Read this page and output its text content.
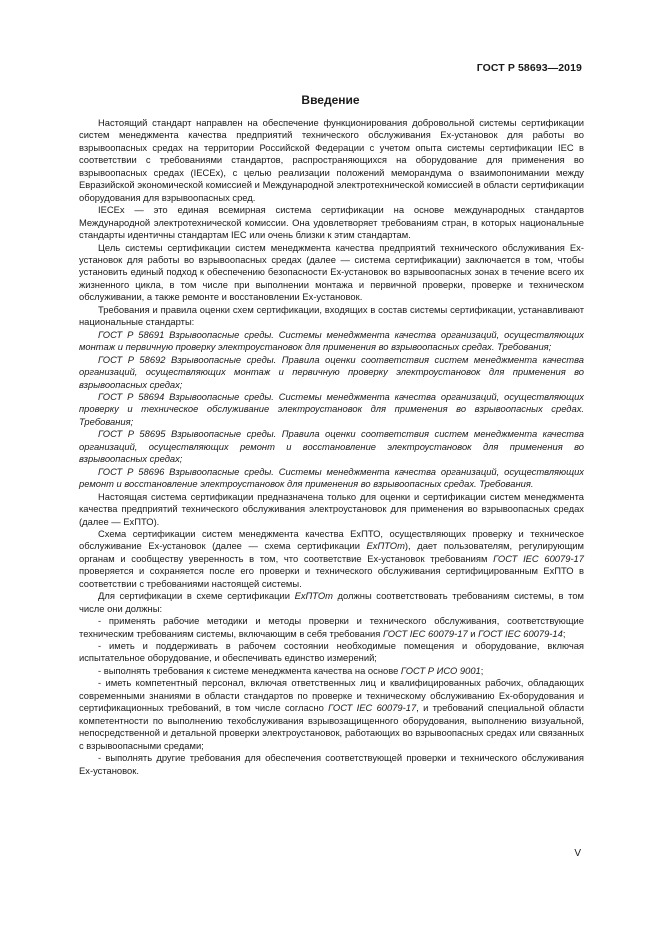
ГОСТ Р 58693—2019
Введение

Настоящий стандарт направлен на обеспечение функционирования добровольной системы сертификации систем менеджмента качества предприятий технического обслуживания Ех-установок для работы во взрывоопасных средах на территории Российской Федерации с учетом опыта системы сертификации IEC в соответствии с требованиями стандартов, распространяющихся на оборудование для применения во взрывоопасных средах (IECEx), с целью реализации положений меморандума о взаимопонимании между Евразийской экономической комиссией и Международной электротехнической комиссией в области сертификации оборудования для взрывоопасных сред.

IECEx — это единая всемирная система сертификации на основе международных стандартов Международной электротехнической комиссии. Она удовлетворяет требованиям стран, в которых национальные стандарты идентичны стандартам IEC или очень близки к этим стандартам.

Цель системы сертификации систем менеджмента качества предприятий технического обслуживания Ех-установок для работы во взрывоопасных средах (далее — система сертификации) заключается в том, чтобы установить единый подход к обеспечению безопасности Ех-установок во взрывоопасных зонах в течение всего их жизненного цикла, в том числе при выполнении монтажа и первичной проверки, проверке и техническом обслуживании, а также ремонте и восстановлении Ех-установок.

Требования и правила оценки схем сертификации, входящих в состав системы сертификации, устанавливают национальные стандарты:

ГОСТ Р 58691 Взрывоопасные среды. Системы менеджмента качества организаций, осуществляющих монтаж и первичную проверку электроустановок для применения во взрывоопасных средах. Требования;

ГОСТ Р 58692 Взрывоопасные среды. Правила оценки соответствия систем менеджмента качества организаций, осуществляющих монтаж и первичную проверку электроустановок для применения во взрывоопасных средах;

ГОСТ Р 58694 Взрывоопасные среды. Системы менеджмента качества организаций, осуществляющих проверку и техническое обслуживание электроустановок для применения во взрывоопасных средах. Требования;

ГОСТ Р 58695 Взрывоопасные среды. Правила оценки соответствия систем менеджмента качества организаций, осуществляющих ремонт и восстановление электроустановок для применения во взрывоопасных средах;

ГОСТ Р 58696 Взрывоопасные среды. Системы менеджмента качества организаций, осуществляющих ремонт и восстановление электроустановок для применения во взрывоопасных средах. Требования.

Настоящая система сертификации предназначена только для оценки и сертификации систем менеджмента качества предприятий технического обслуживания электроустановок для применения во взрывоопасных средах (далее — ЕхПТО).

Схема сертификации систем менеджмента качества ЕхПТО, осуществляющих проверку и техническое обслуживание Ех-установок (далее — схема сертификации ЕхПТОт), дает пользователям, регулирующим органам и сообществу уверенность в том, что соответствие Ех-установок требованиям ГОСТ IEC 60079-17 проверяется и сохраняется после его проверки и технического обслуживания сертифицированным ЕхПТО в соответствии с требованиями настоящей системы.

Для сертификации в схеме сертификации ЕхПТОт должны соответствовать требованиям системы, в том числе они должны:

- применять рабочие методики и методы проверки и технического обслуживания, соответствующие техническим требованиям системы, включающим в себя требования ГОСТ IEC 60079-17 и ГОСТ IEC 60079-14;

- иметь и поддерживать в рабочем состоянии необходимые помещения и оборудование, включая испытательное оборудование, и обеспечивать единство измерений;

- выполнять требования к системе менеджмента качества на основе ГОСТ Р ИСО 9001;

- иметь компетентный персонал, включая ответственных лиц и квалифицированных рабочих, обладающих современными знаниями в области стандартов по проверке и техническому обслуживанию Ех-оборудования и сертификационных требований, в том числе согласно ГОСТ IEC 60079-17, и требований специальной области компетентности по выполнению техобслуживания взрывозащищенного оборудования, выполнению визуальной, непосредственной и детальной проверки электроустановок, работающих во взрывоопасных средах или связанных с взрывоопасными средами;

- выполнять другие требования для обеспечения соответствующей проверки и технического обслуживания Ех-установок.

V
